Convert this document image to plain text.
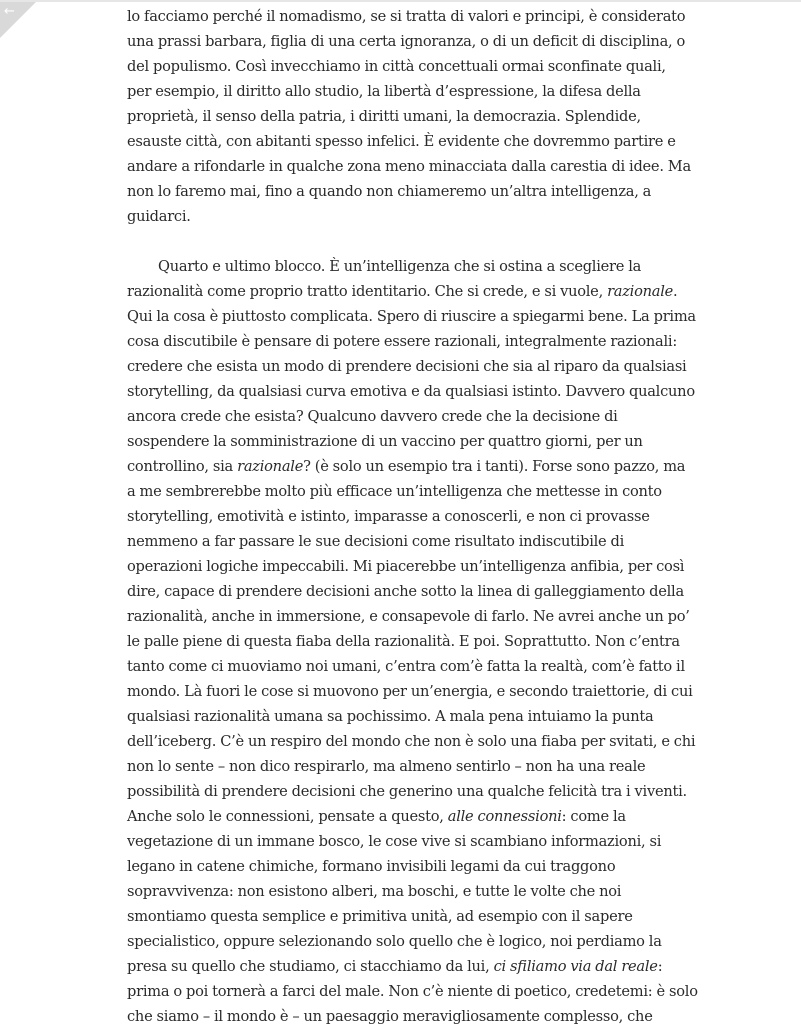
←	lo facciamo perché il nomadismo, se si tratta di valori e principi, è considerato
una prassi barbara, figlia di una certa ignoranza, o di un deficit di disciplina, o
del populismo. Così invecchiamo in città concettuali ormai sconfinate quali,
per esempio, il diritto allo studio, la libertà d’espressione, la difesa della
proprietà, il senso della patria, i diritti umani, la democrazia. Splendide,
esauste città, con abitanti spesso infelici. È evidente che dovremmo partire e
andare a rifondarle in qualche zona meno minacciata dalla carestia di idee. Ma
non lo faremo mai, fino a quando non chiameremo un’altra intelligenza, a
guidarci.

Quarto e ultimo blocco. È un’intelligenza che si ostina a scegliere la
razionalità come proprio tratto identitario. Che si crede, e si vuole, razionale.
Qui la cosa è piuttosto complicata. Spero di riuscire a spiegarmi bene. La prima
cosa discutibile è pensare di potere essere razionali, integralmente razionali:
credere che esista un modo di prendere decisioni che sia al riparo da qualsiasi
storytelling, da qualsiasi curva emotiva e da qualsiasi istinto. Davvero qualcuno
ancora crede che esista? Qualcuno davvero crede che la decisione di
sospendere la somministrazione di un vaccino per quattro giorni, per un
controllino, sia razionale? (è solo un esempio tra i tanti). Forse sono pazzo, ma
a me sembrerebbe molto più efficace un’intelligenza che mettesse in conto
storytelling, emotività e istinto, imparasse a conoscerli, e non ci provasse
nemmeno a far passare le sue decisioni come risultato indiscutibile di
operazioni logiche impeccabili. Mi piacerebbe un’intelligenza anfibia, per così
dire, capace di prendere decisioni anche sotto la linea di galleggiamento della
razionalità, anche in immersione, e consapevole di farlo. Ne avrei anche un po’
le palle piene di questa fiaba della razionalità. E poi. Soprattutto. Non c’entra
tanto come ci muoviamo noi umani, c’entra com’è fatta la realtà, com’è fatto il
mondo. Là fuori le cose si muovono per un’energia, e secondo traiettorie, di cui
qualsiasi razionalità umana sa pochissimo. A mala pena intuiamo la punta
dell’iceberg. C’è un respiro del mondo che non è solo una fiaba per svitati, e chi
non lo sente – non dico respirarlo, ma almeno sentirlo – non ha una reale
possibilità di prendere decisioni che generino una qualche felicità tra i viventi.
Anche solo le connessioni, pensate a questo, alle connessioni: come la
vegetazione di un immane bosco, le cose vive si scambiano informazioni, si
legano in catene chimiche, formano invisibili legami da cui traggono
sopravvivenza: non esistono alberi, ma boschi, e tutte le volte che noi
smontiamo questa semplice e primitiva unità, ad esempio con il sapere
specialistico, oppure selezionando solo quello che è logico, noi perdiamo la
presa su quello che studiamo, ci stacchiamo da lui, ci sfiliamo via dal reale:
prima o poi tornerà a farci del male. Non c’è niente di poetico, credetemi: è solo
che siamo – il mondo è – un paesaggio meravigliosamente complesso, che
